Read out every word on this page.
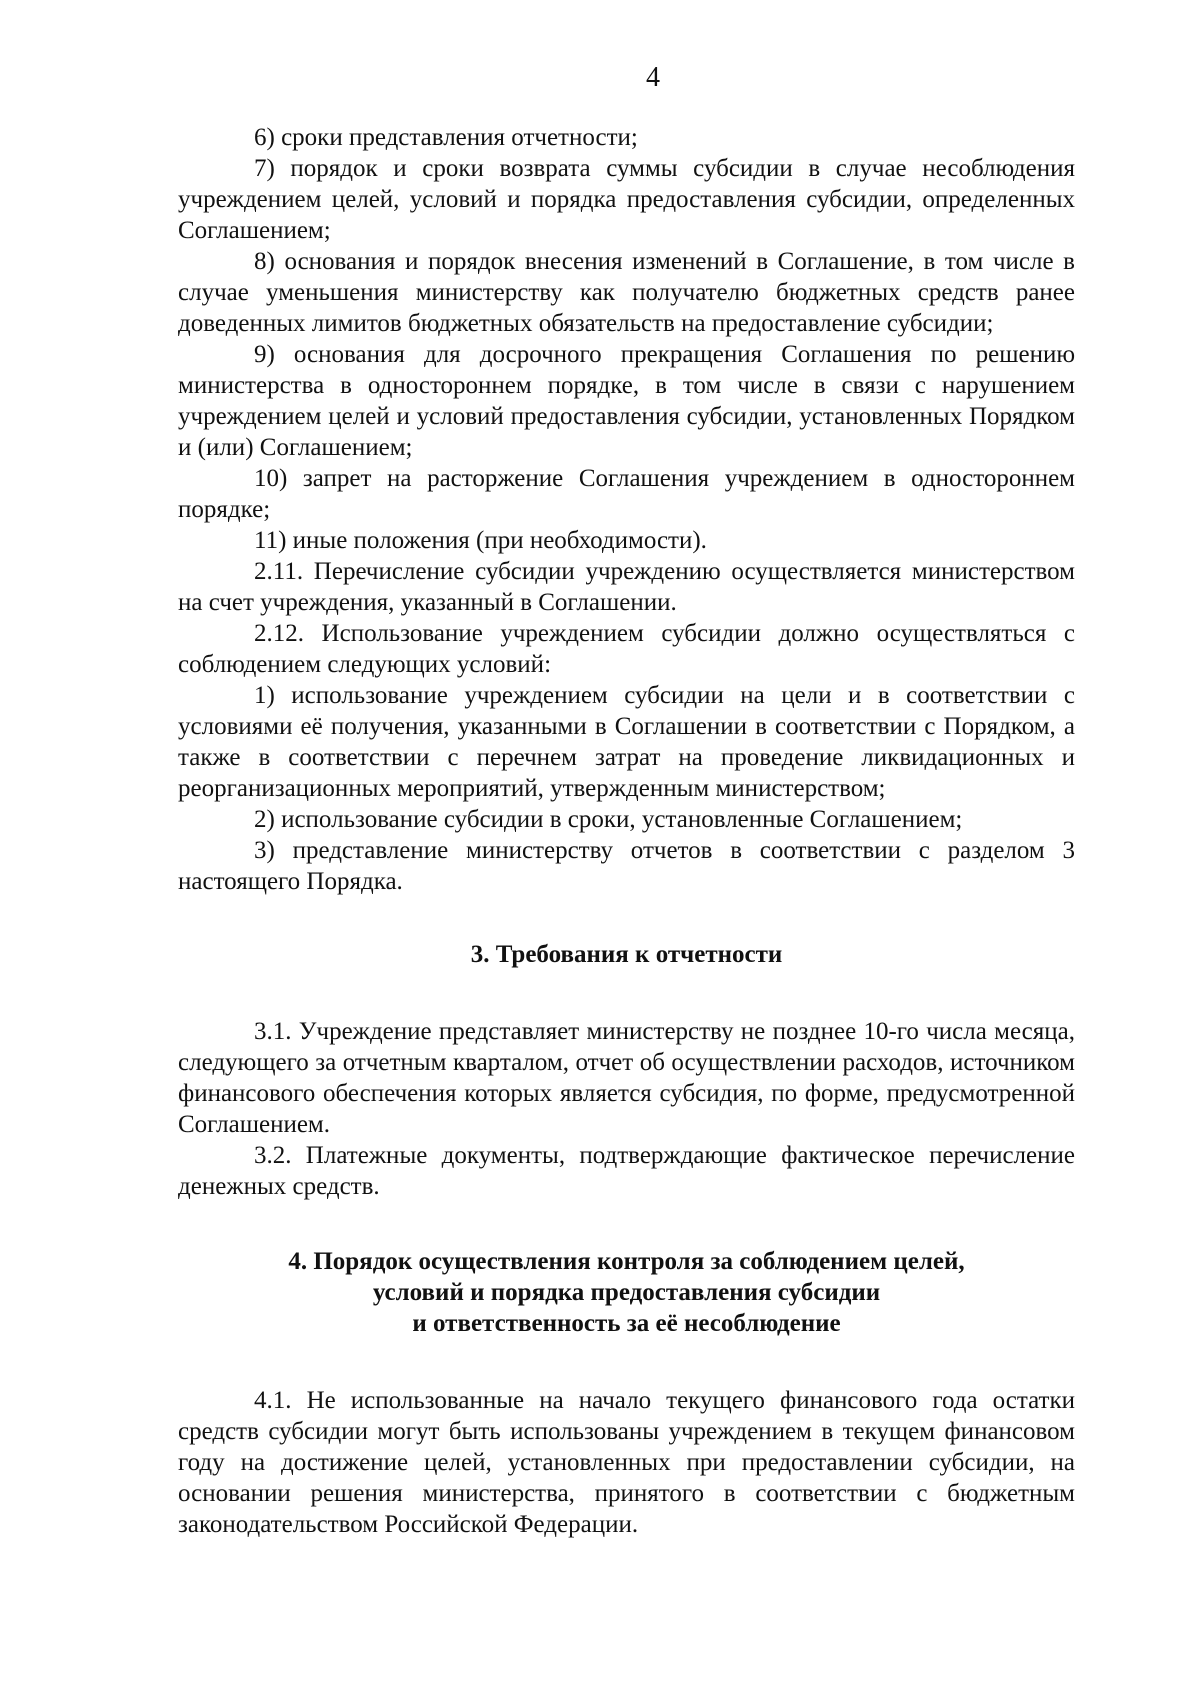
4

6) сроки представления отчетности;

7) порядок и сроки возврата суммы субсидии в случае несоблюдения учреждением целей, условий и порядка предоставления субсидии, определенных Соглашением;

8) основания и порядок внесения изменений в Соглашение, в том числе в случае уменьшения министерству как получателю бюджетных средств ранее доведенных лимитов бюджетных обязательств на предоставление субсидии;

9) основания для досрочного прекращения Соглашения по решению министерства в одностороннем порядке, в том числе в связи с нарушением учреждением целей и условий предоставления субсидии, установленных Порядком и (или) Соглашением;

10) запрет на расторжение Соглашения учреждением в одностороннем порядке;

11) иные положения (при необходимости).

2.11. Перечисление субсидии учреждению осуществляется министерством на счет учреждения, указанный в Соглашении.

2.12. Использование учреждением субсидии должно осуществляться с соблюдением следующих условий:

1) использование учреждением субсидии на цели и в соответствии с условиями её получения, указанными в Соглашении в соответствии с Порядком, а также в соответствии с перечнем затрат на проведение ликвидационных и реорганизационных мероприятий, утвержденным министерством;

2) использование субсидии в сроки, установленные Соглашением;

3) представление министерству отчетов в соответствии с разделом 3 настоящего Порядка.

3. Требования к отчетности

3.1. Учреждение представляет министерству не позднее 10-го числа месяца, следующего за отчетным кварталом, отчет об осуществлении расходов, источником финансового обеспечения которых является субсидия, по форме, предусмотренной Соглашением.

3.2. Платежные документы, подтверждающие фактическое перечисление денежных средств.

4. Порядок осуществления контроля за соблюдением целей,
условий и порядка предоставления субсидии
и ответственность за её несоблюдение

4.1. Не использованные на начало текущего финансового года остатки средств субсидии могут быть использованы учреждением в текущем финансовом году на достижение целей, установленных при предоставлении субсидии, на основании решения министерства, принятого в соответствии с бюджетным законодательством Российской Федерации.
